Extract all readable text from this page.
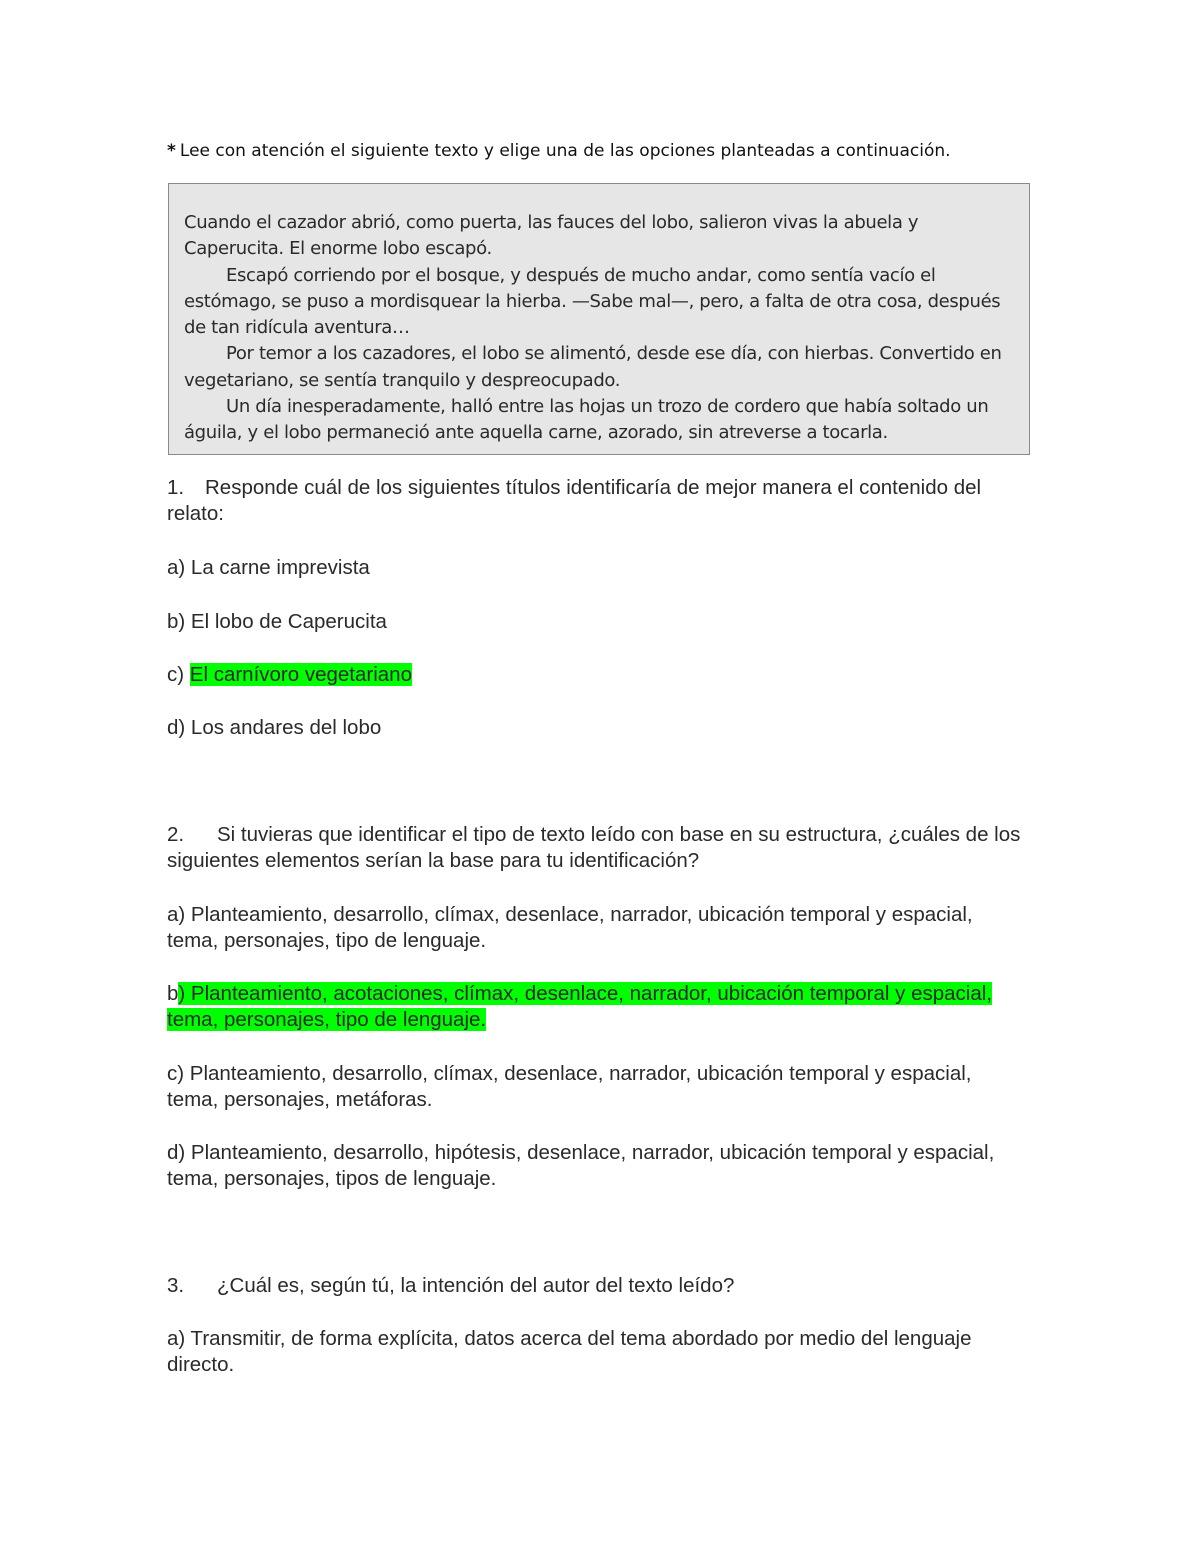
* Lee con atención el siguiente texto y elige una de las opciones planteadas a continuación.

Cuando el cazador abrió, como puerta, las fauces del lobo, salieron vivas la abuela y Caperucita. El enorme lobo escapó.

Escapó corriendo por el bosque, y después de mucho andar, como sentía vacío el estómago, se puso a mordisquear la hierba. —Sabe mal—, pero, a falta de otra cosa, después de tan ridícula aventura…

Por temor a los cazadores, el lobo se alimentó, desde ese día, con hierbas. Convertido en vegetariano, se sentía tranquilo y despreocupado.

Un día inesperadamente, halló entre las hojas un trozo de cordero que había soltado un águila, y el lobo permaneció ante aquella carne, azorado, sin atreverse a tocarla.

1. Responde cuál de los siguientes títulos identificaría de mejor manera el contenido del relato:
a) La carne imprevista
b) El lobo de Caperucita
c) El carnívoro vegetariano
d) Los andares del lobo
2. Si tuvieras que identificar el tipo de texto leído con base en su estructura, ¿cuáles de los siguientes elementos serían la base para tu identificación?
a) Planteamiento, desarrollo, clímax, desenlace, narrador, ubicación temporal y espacial, tema, personajes, tipo de lenguaje.
b) Planteamiento, acotaciones, clímax, desenlace, narrador, ubicación temporal y espacial, tema, personajes, tipo de lenguaje.
c) Planteamiento, desarrollo, clímax, desenlace, narrador, ubicación temporal y espacial, tema, personajes, metáforas.
d) Planteamiento, desarrollo, hipótesis, desenlace, narrador, ubicación temporal y espacial, tema, personajes, tipos de lenguaje.
3. ¿Cuál es, según tú, la intención del autor del texto leído?
a) Transmitir, de forma explícita, datos acerca del tema abordado por medio del lenguaje directo.
